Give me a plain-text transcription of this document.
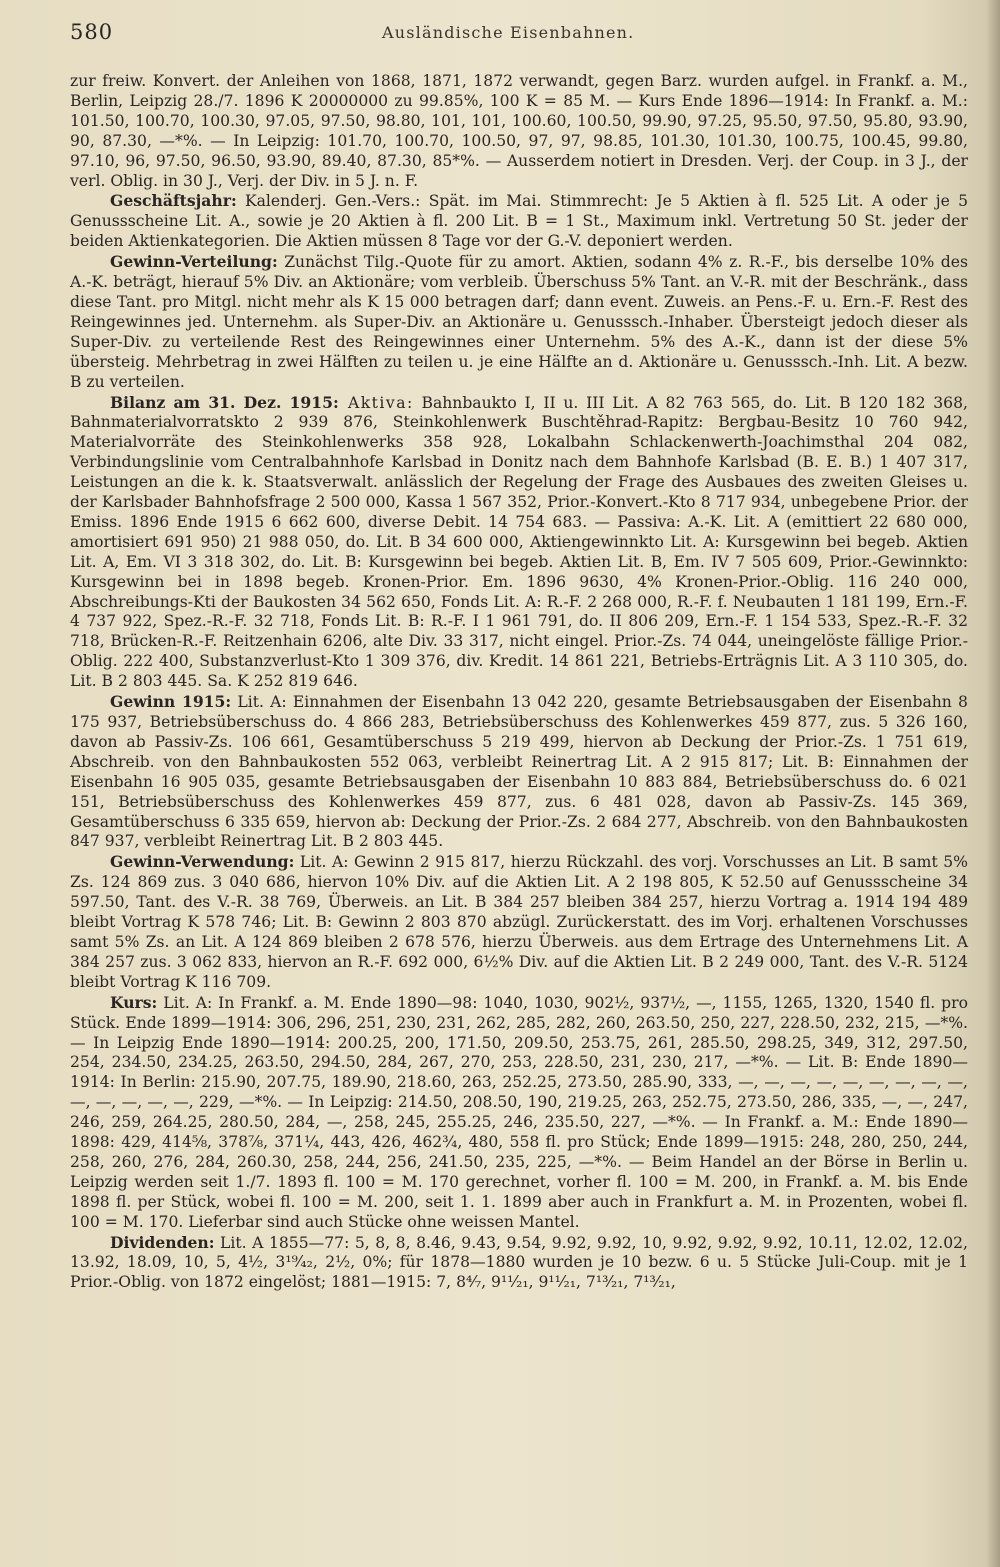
580	Ausländische Eisenbahnen.

zur freiw. Konvert. der Anleihen von 1868, 1871, 1872 verwandt, gegen Barz. wurden aufgel. in Frankf. a. M., Berlin, Leipzig 28./7. 1896 K 20000000 zu 99.85%, 100 K = 85 M. — Kurs Ende 1896—1914: In Frankf. a. M.: 101.50, 100.70, 100.30, 97.05, 97.50, 98.80, 101, 101, 100.60, 100.50, 99.90, 97.25, 95.50, 97.50, 95.80, 93.90, 90, 87.30, —*%. — In Leipzig: 101.70, 100.70, 100.50, 97, 97, 98.85, 101.30, 101.30, 100.75, 100.45, 99.80, 97.10, 96, 97.50, 96.50, 93.90, 89.40, 87.30, 85*%. — Ausserdem notiert in Dresden. Verj. der Coup. in 3 J., der verl. Oblig. in 30 J., Verj. der Div. in 5 J. n. F.

Geschäftsjahr: Kalenderj. Gen.-Vers.: Spät. im Mai. Stimmrecht: Je 5 Aktien à fl. 525 Lit. A oder je 5 Genussscheine Lit. A., sowie je 20 Aktien à fl. 200 Lit. B = 1 St., Maximum inkl. Vertretung 50 St. jeder der beiden Aktienkategorien. Die Aktien müssen 8 Tage vor der G.-V. deponiert werden.

Gewinn-Verteilung: Zunächst Tilg.-Quote für zu amort. Aktien, sodann 4% z. R.-F., bis derselbe 10% des A.-K. beträgt, hierauf 5% Div. an Aktionäre; vom verbleib. Überschuss 5% Tant. an V.-R. mit der Beschränk., dass diese Tant. pro Mitgl. nicht mehr als K 15 000 betragen darf; dann event. Zuweis. an Pens.-F. u. Ern.-F. Rest des Reingewinnes jed. Unternehm. als Super-Div. an Aktionäre u. Genusssch.-Inhaber. Übersteigt jedoch dieser als Super-Div. zu verteilende Rest des Reingewinnes einer Unternehm. 5% des A.-K., dann ist der diese 5% übersteig. Mehrbetrag in zwei Hälften zu teilen u. je eine Hälfte an d. Aktionäre u. Genusssch.-Inh. Lit. A bezw. B zu verteilen.

Bilanz am 31. Dez. 1915: Aktiva: Bahnbaukto I, II u. III Lit. A 82 763 565, do. Lit. B 120 182 368, Bahnmaterialvorratsktо 2 939 876, Steinkohlenwerk Buschtěhrad-Rapitz: Bergbau-Besitz 10 760 942, Materialvorräte des Steinkohlenwerks 358 928, Lokalbahn Schlackenwerth-Joachimsthal 204 082, Verbindungslinie vom Centralbahnhofe Karlsbad in Donitz nach dem Bahnhofe Karlsbad (B. E. B.) 1 407 317, Leistungen an die k. k. Staatsverwalt. anlässlich der Regelung der Frage des Ausbaues des zweiten Gleises u. der Karlsbader Bahnhofsfrage 2 500 000, Kassa 1 567 352, Prior.-Konvert.-Kto 8 717 934, unbegebene Prior. der Emiss. 1896 Ende 1915 6 662 600, diverse Debit. 14 754 683. — Passiva: A.-K. Lit. A (emittiert 22 680 000, amortisiert 691 950) 21 988 050, do. Lit. B 34 600 000, Aktiengewinnkto Lit. A: Kursgewinn bei begeb. Aktien Lit. A, Em. VI 3 318 302, do. Lit. B: Kursgewinn bei begeb. Aktien Lit. B, Em. IV 7 505 609, Prior.-Gewinnkto: Kursgewinn bei in 1898 begeb. Kronen-Prior. Em. 1896 9630, 4% Kronen-Prior.-Oblig. 116 240 000, Abschreibungs-Kti der Baukosten 34 562 650, Fonds Lit. A: R.-F. 2 268 000, R.-F. f. Neubauten 1 181 199, Ern.-F. 4 737 922, Spez.-R.-F. 32 718, Fonds Lit. B: R.-F. I 1 961 791, do. II 806 209, Ern.-F. 1 154 533, Spez.-R.-F. 32 718, Brücken-R.-F. Reitzenhain 6206, alte Div. 33 317, nicht eingel. Prior.-Zs. 74 044, uneingelöste fällige Prior.-Oblig. 222 400, Substanzverlust-Kto 1 309 376, div. Kredit. 14 861 221, Betriebs-Erträgnis Lit. A 3 110 305, do. Lit. B 2 803 445. Sa. K 252 819 646.

Gewinn 1915: Lit. A: Einnahmen der Eisenbahn 13 042 220, gesamte Betriebsausgaben der Eisenbahn 8 175 937, Betriebsüberschuss do. 4 866 283, Betriebsüberschuss des Kohlenwerkes 459 877, zus. 5 326 160, davon ab Passiv-Zs. 106 661, Gesamtüberschuss 5 219 499, hiervon ab Deckung der Prior.-Zs. 1 751 619, Abschreib. von den Bahnbaukosten 552 063, verbleibt Reinertrag Lit. A 2 915 817; Lit. B: Einnahmen der Eisenbahn 16 905 035, gesamte Betriebsausgaben der Eisenbahn 10 883 884, Betriebsüberschuss do. 6 021 151, Betriebsüberschuss des Kohlenwerkes 459 877, zus. 6 481 028, davon ab Passiv-Zs. 145 369, Gesamtüberschuss 6 335 659, hiervon ab: Deckung der Prior.-Zs. 2 684 277, Abschreib. von den Bahnbaukosten 847 937, verbleibt Reinertrag Lit. B 2 803 445.

Gewinn-Verwendung: Lit. A: Gewinn 2 915 817, hierzu Rückzahl. des vorj. Vorschusses an Lit. B samt 5% Zs. 124 869 zus. 3 040 686, hiervon 10% Div. auf die Aktien Lit. A 2 198 805, K 52.50 auf Genussscheine 34 597.50, Tant. des V.-R. 38 769, Überweis. an Lit. B 384 257 bleiben 384 257, hierzu Vortrag a. 1914 194 489 bleibt Vortrag K 578 746; Lit. B: Gewinn 2 803 870 abzügl. Zurückerstatt. des im Vorj. erhaltenen Vorschusses samt 5% Zs. an Lit. A 124 869 bleiben 2 678 576, hierzu Überweis. aus dem Ertrage des Unternehmens Lit. A 384 257 zus. 3 062 833, hiervon an R.-F. 692 000, 6½% Div. auf die Aktien Lit. B 2 249 000, Tant. des V.-R. 5124 bleibt Vortrag K 116 709.

Kurs: Lit. A: In Frankf. a. M. Ende 1890—98: 1040, 1030, 902½, 937½, —, 1155, 1265, 1320, 1540 fl. pro Stück. Ende 1899—1914: 306, 296, 251, 230, 231, 262, 285, 282, 260, 263.50, 250, 227, 228.50, 232, 215, —*%. — In Leipzig Ende 1890—1914: 200.25, 200, 171.50, 209.50, 253.75, 261, 285.50, 298.25, 349, 312, 297.50, 254, 234.50, 234.25, 263.50, 294.50, 284, 267, 270, 253, 228.50, 231, 230, 217, —*%. — Lit. B: Ende 1890—1914: In Berlin: 215.90, 207.75, 189.90, 218.60, 263, 252.25, 273.50, 285.90, 333, —, —, —, —, —, —, —, —, —, —, —, —, —, —, 229, —*%. — In Leipzig: 214.50, 208.50, 190, 219.25, 263, 252.75, 273.50, 286, 335, —, —, 247, 246, 259, 264.25, 280.50, 284, —, 258, 245, 255.25, 246, 235.50, 227, —*%. — In Frankf. a. M.: Ende 1890—1898: 429, 414⅝, 378⅞, 371¼, 443, 426, 462¾, 480, 558 fl. pro Stück; Ende 1899—1915: 248, 280, 250, 244, 258, 260, 276, 284, 260.30, 258, 244, 256, 241.50, 235, 225, —*%. — Beim Handel an der Börse in Berlin u. Leipzig werden seit 1./7. 1893 fl. 100 = M. 170 gerechnet, vorher fl. 100 = M. 200, in Frankf. a. M. bis Ende 1898 fl. per Stück, wobei fl. 100 = M. 200, seit 1. 1. 1899 aber auch in Frankfurt a. M. in Prozenten, wobei fl. 100 = M. 170. Lieferbar sind auch Stücke ohne weissen Mantel.

Dividenden: Lit. A 1855—77: 5, 8, 8, 8.46, 9.43, 9.54, 9.92, 9.92, 10, 9.92, 9.92, 9.92, 10.11, 12.02, 12.02, 13.92, 18.09, 10, 5, 4½, 3¹⁹⁄₄₂, 2½, 0%; für 1878—1880 wurden je 10 bezw. 6 u. 5 Stücke Juli-Coup. mit je 1 Prior.-Oblig. von 1872 eingelöst; 1881—1915: 7, 8⁴⁄₇, 9¹¹⁄₂₁, 9¹¹⁄₂₁, 7¹³⁄₂₁, 7¹³⁄₂₁,
